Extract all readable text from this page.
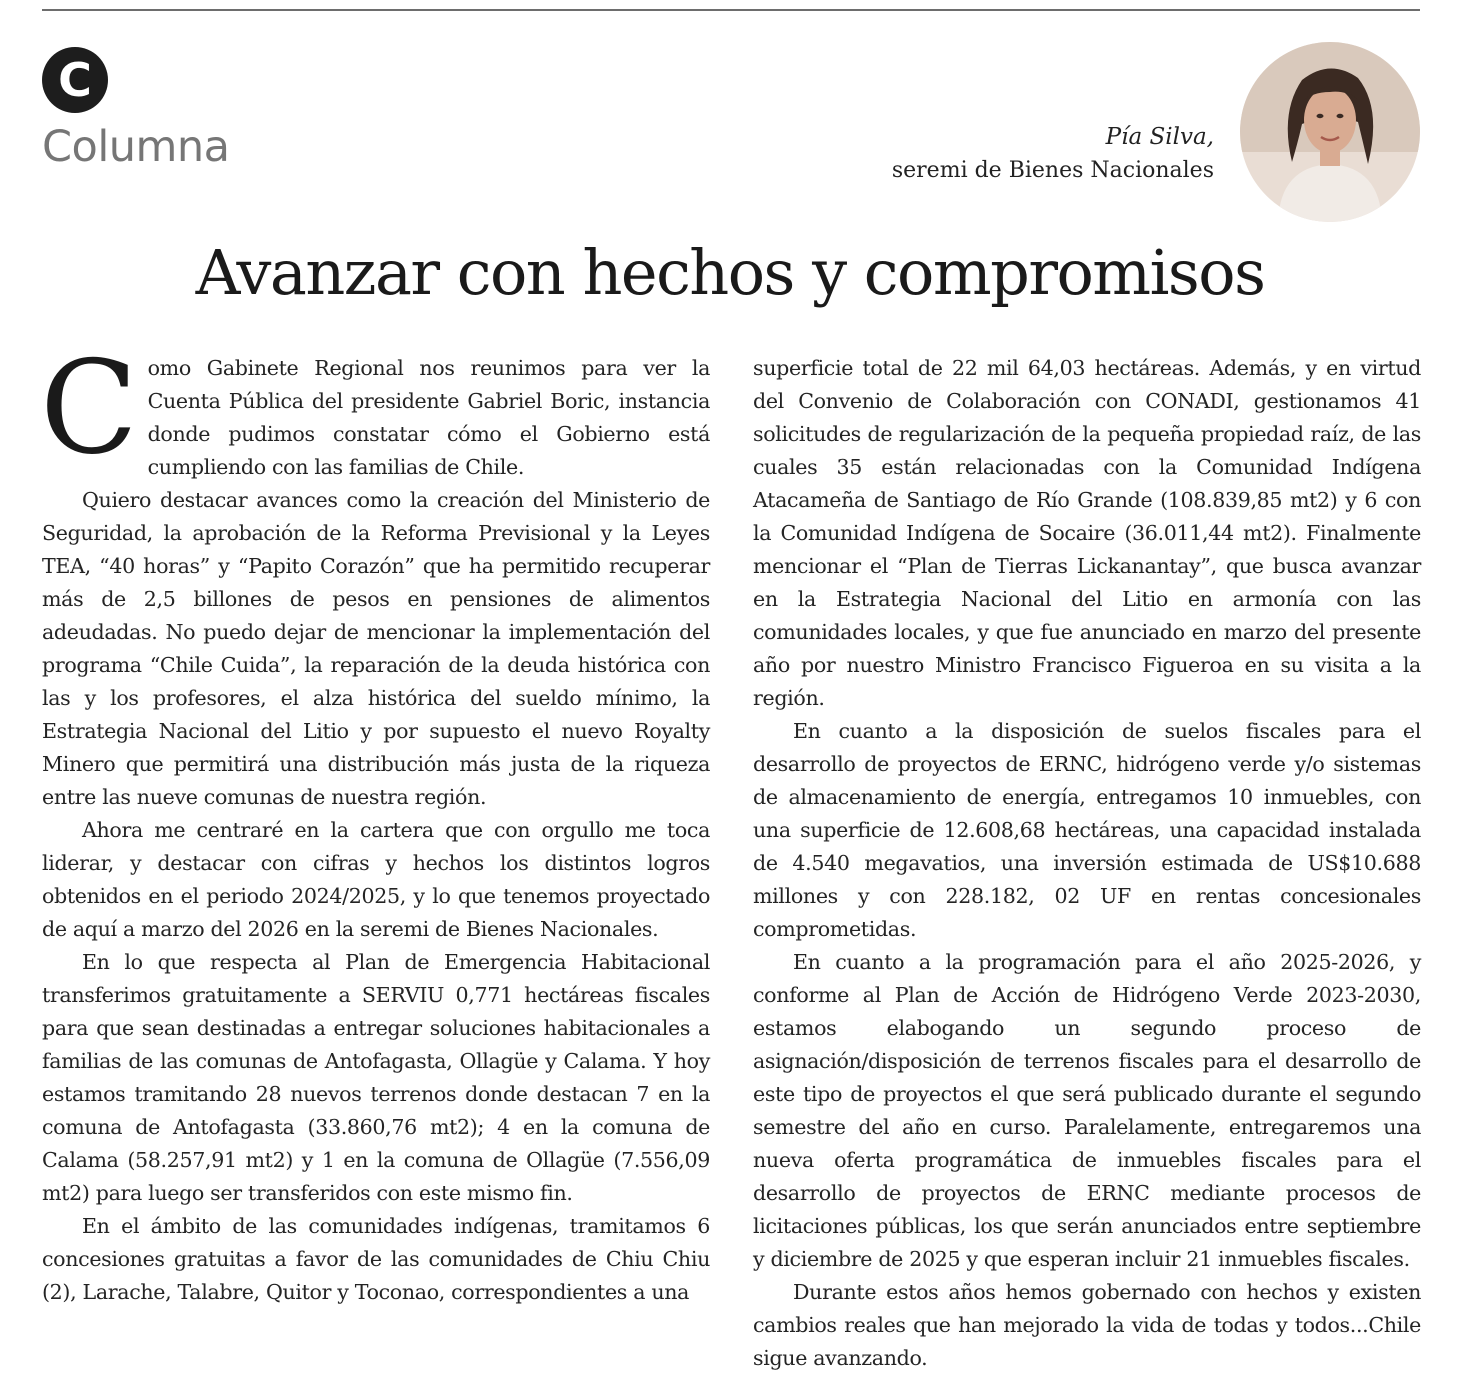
C
Columna	Pía Silva,
seremi de Bienes Nacionales
Avanzar con hechos y compromisos

Como Gabinete Regional nos reunimos para ver la Cuenta Pública del presidente Gabriel Boric, instancia donde pudimos constatar cómo el Gobierno está cumpliendo con las familias de Chile.

Quiero destacar avances como la creación del Ministerio de Seguridad, la aprobación de la Reforma Previsional y la Leyes TEA, “40 horas” y “Papito Corazón” que ha permitido recuperar más de 2,5 billones de pesos en pensiones de alimentos adeudadas. No puedo dejar de mencionar la implementación del programa “Chile Cuida”, la reparación de la deuda histórica con las y los profesores, el alza histórica del sueldo mínimo, la Estrategia Nacional del Litio y por supuesto el nuevo Royalty Minero que permitirá una distribución más justa de la riqueza entre las nueve comunas de nuestra región.

Ahora me centraré en la cartera que con orgullo me toca liderar, y destacar con cifras y hechos los distintos logros obtenidos en el periodo 2024/2025, y lo que tenemos proyectado de aquí a marzo del 2026 en la seremi de Bienes Nacionales.

En lo que respecta al Plan de Emergencia Habitacional transferimos gratuitamente a SERVIU 0,771 hectáreas fiscales para que sean destinadas a entregar soluciones habitacionales a familias de las comunas de Antofagasta, Ollagüe y Calama. Y hoy estamos tramitando 28 nuevos terrenos donde destacan 7 en la comuna de Antofagasta (33.860,76 mt2); 4 en la comuna de Calama (58.257,91 mt2) y 1 en la comuna de Ollagüe (7.556,09 mt2) para luego ser transferidos con este mismo fin.

En el ámbito de las comunidades indígenas, tramitamos 6 concesiones gratuitas a favor de las comunidades de Chiu Chiu (2), Larache, Talabre, Quitor y Toconao, correspondientes a una

superficie total de 22 mil 64,03 hectáreas. Además, y en virtud del Convenio de Colaboración con CONADI, gestionamos 41 solicitudes de regularización de la pequeña propiedad raíz, de las cuales 35 están relacionadas con la Comunidad Indígena Atacameña de Santiago de Río Grande (108.839,85 mt2) y 6 con la Comunidad Indígena de Socaire (36.011,44 mt2). Finalmente mencionar el “Plan de Tierras Lickanantay”, que busca avanzar en la Estrategia Nacional del Litio en armonía con las comunidades locales, y que fue anunciado en marzo del presente año por nuestro Ministro Francisco Figueroa en su visita a la región.

En cuanto a la disposición de suelos fiscales para el desarrollo de proyectos de ERNC, hidrógeno verde y/o sistemas de almacenamiento de energía, entregamos 10 inmuebles, con una superficie de 12.608,68 hectáreas, una capacidad instalada de 4.540 megavatios, una inversión estimada de US$10.688 millones y con 228.182, 02 UF en rentas concesionales comprometidas.

En cuanto a la programación para el año 2025-2026, y conforme al Plan de Acción de Hidrógeno Verde 2023-2030, estamos elabogando un segundo proceso de asignación/disposición de terrenos fiscales para el desarrollo de este tipo de proyectos el que será publicado durante el segundo semestre del año en curso. Paralelamente, entregaremos una nueva oferta programática de inmuebles fiscales para el desarrollo de proyectos de ERNC mediante procesos de licitaciones públicas, los que serán anunciados entre septiembre y diciembre de 2025 y que esperan incluir 21 inmuebles fiscales.

Durante estos años hemos gobernado con hechos y existen cambios reales que han mejorado la vida de todas y todos...Chile sigue avanzando.
